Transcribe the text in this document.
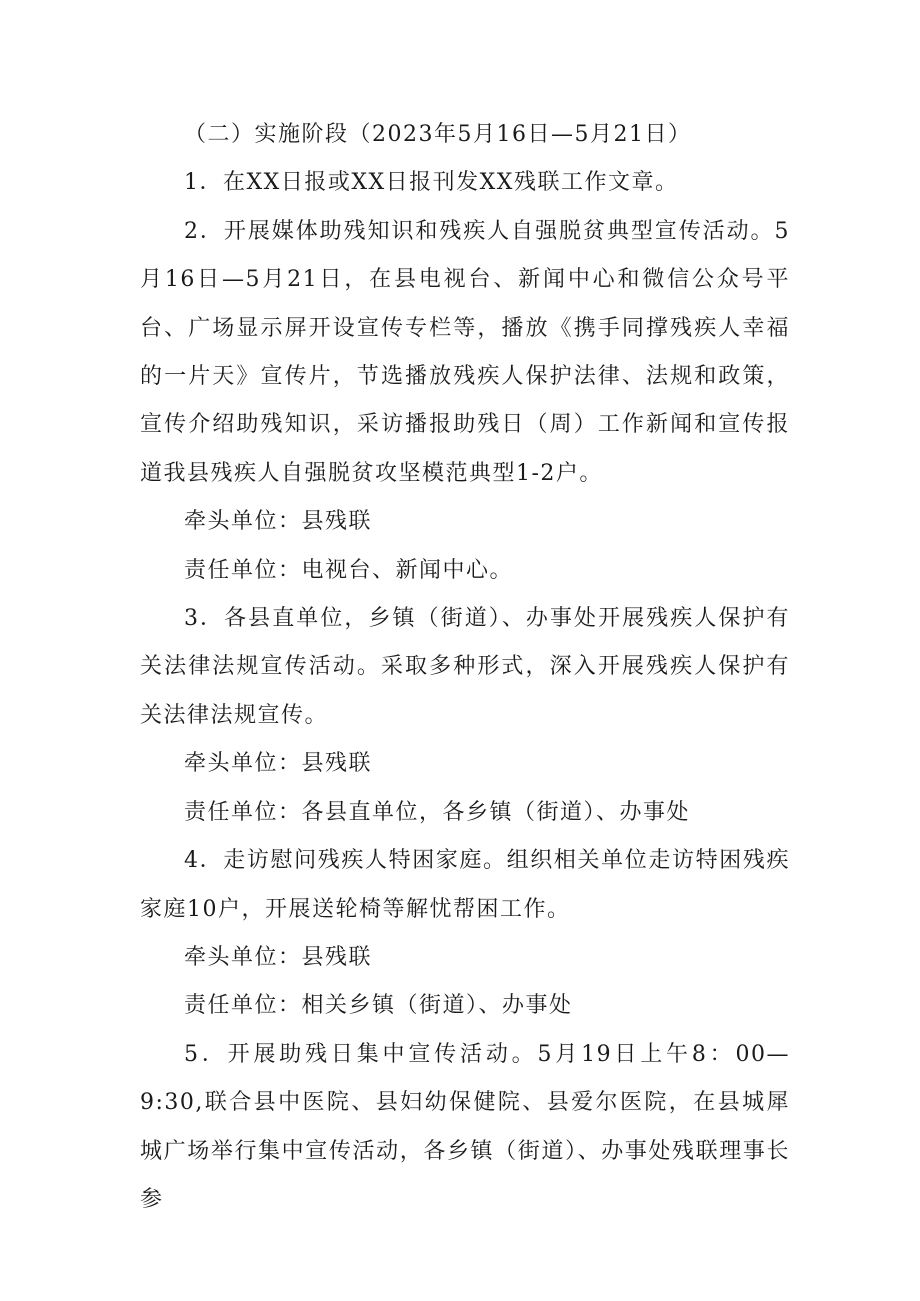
（二）实施阶段（2023年5月16日—5月21日）

1．在XX日报或XX日报刊发XX残联工作文章。

2．开展媒体助残知识和残疾人自强脱贫典型宣传活动。5月16日—5月21日，在县电视台、新闻中心和微信公众号平台、广场显示屏开设宣传专栏等，播放《携手同撑残疾人幸福的一片天》宣传片，节选播放残疾人保护法律、法规和政策，宣传介绍助残知识，采访播报助残日（周）工作新闻和宣传报道我县残疾人自强脱贫攻坚模范典型1-2户。

牵头单位：县残联

责任单位：电视台、新闻中心。

3．各县直单位，乡镇（街道）、办事处开展残疾人保护有关法律法规宣传活动。采取多种形式，深入开展残疾人保护有关法律法规宣传。

牵头单位：县残联

责任单位：各县直单位，各乡镇（街道）、办事处

4．走访慰问残疾人特困家庭。组织相关单位走访特困残疾家庭10户，开展送轮椅等解忧帮困工作。

牵头单位：县残联

责任单位：相关乡镇（街道）、办事处

5．开展助残日集中宣传活动。5月19日上午8：00—9:30,联合县中医院、县妇幼保健院、县爱尔医院，在县城犀城广场举行集中宣传活动，各乡镇（街道）、办事处残联理事长参
